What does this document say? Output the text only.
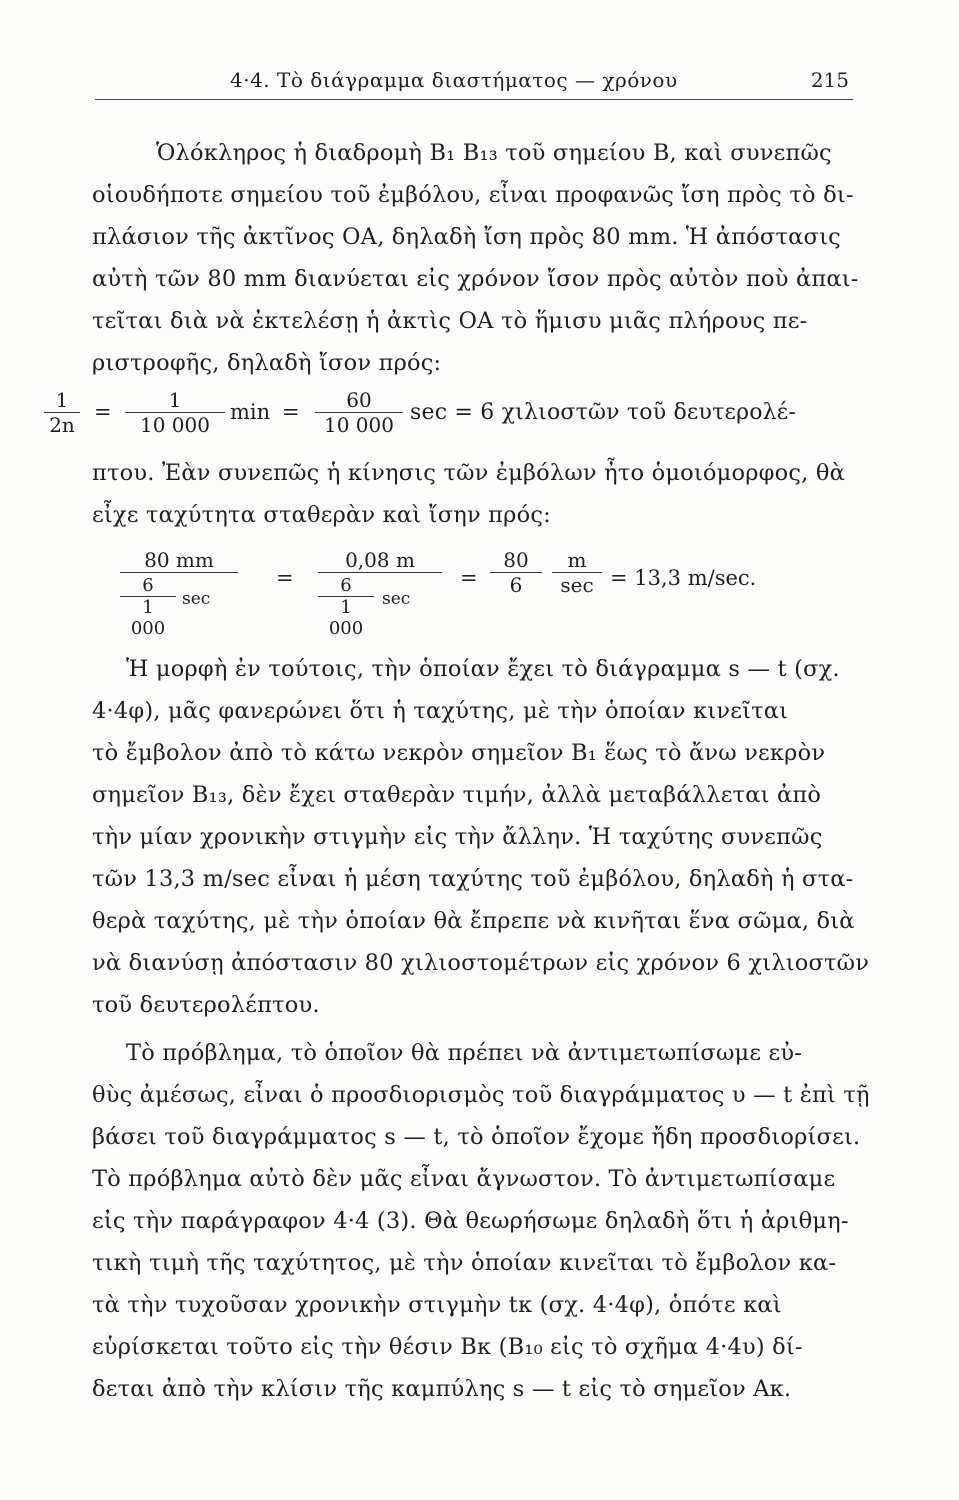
4·4. Τὸ διάγραμμα διαστήματος — χρόνου	215
Ὁλόκληρος ἡ διαδρομὴ B₁ B₁₃ τοῦ σημείου B, καὶ συνεπῶς
οἱουδήποτε σημείου τοῦ ἐμβόλου, εἶναι προφανῶς ἴση πρὸς τὸ δι-
πλάσιον τῆς ἀκτῖνος ΟΑ, δηλαδὴ ἴση πρὸς 80 mm. Ἡ ἀπόστασις
αὐτὴ τῶν 80 mm διανύεται εἰς χρόνον ἴσον πρὸς αὐτὸν ποὺ ἀπαι-
τεῖται διὰ νὰ ἐκτελέσῃ ἡ ἀκτὶς ΟΑ τὸ ἥμισυ μιᾶς πλήρους πε-
ριστροφῆς, δηλαδὴ ἴσον πρός:
1
2n
=	1
10 000
min =	60
10 000 sec = 6 χιλιοστῶν τοῦ δευτερολέ-
πτου. Ἐὰν συνεπῶς ἡ κίνησις τῶν ἐμβόλων ἦτο ὁμοιόμορφος, θὰ
εἶχε ταχύτητα σταθερὰν καὶ ἴσην πρός:
80 mm
6
1 000
sec
=
0,08 m
6
1 000
sec
=
80
6
m
sec = 13,3 m/sec.
Ἡ μορφὴ ἐν τούτοις, τὴν ὁποίαν ἔχει τὸ διάγραμμα s — t (σχ.
4·4φ), μᾶς φανερώνει ὅτι ἡ ταχύτης, μὲ τὴν ὁποίαν κινεῖται
τὸ ἔμβολον ἀπὸ τὸ κάτω νεκρὸν σημεῖον B₁ ἕως τὸ ἄνω νεκρὸν
σημεῖον B₁₃, δὲν ἔχει σταθερὰν τιμήν, ἀλλὰ μεταβάλλεται ἀπὸ
τὴν μίαν χρονικὴν στιγμὴν εἰς τὴν ἄλλην. Ἡ ταχύτης συνεπῶς
τῶν 13,3 m/sec εἶναι ἡ μέση ταχύτης τοῦ ἐμβόλου, δηλαδὴ ἡ στα-
θερὰ ταχύτης, μὲ τὴν ὁποίαν θὰ ἔπρεπε νὰ κινῆται ἕνα σῶμα, διὰ
νὰ διανύσῃ ἀπόστασιν 80 χιλιοστομέτρων εἰς χρόνον 6 χιλιοστῶν
τοῦ δευτερολέπτου.
Τὸ πρόβλημα, τὸ ὁποῖον θὰ πρέπει νὰ ἀντιμετωπίσωμε εὐ-
θὺς ἀμέσως, εἶναι ὁ προσδιορισμὸς τοῦ διαγράμματος υ — t ἐπὶ τῇ
βάσει τοῦ διαγράμματος s — t, τὸ ὁποῖον ἔχομε ἤδη προσδιορίσει.
Τὸ πρόβλημα αὐτὸ δὲν μᾶς εἶναι ἄγνωστον. Τὸ ἀντιμετωπίσαμε
εἰς τὴν παράγραφον 4·4 (3). Θὰ θεωρήσωμε δηλαδὴ ὅτι ἡ ἀριθμη-
τικὴ τιμὴ τῆς ταχύτητος, μὲ τὴν ὁποίαν κινεῖται τὸ ἔμβολον κα-
τὰ τὴν τυχοῦσαν χρονικὴν στιγμὴν tκ (σχ. 4·4φ), ὁπότε καὶ
εὑρίσκεται τοῦτο εἰς τὴν θέσιν Bκ (B₁₀ εἰς τὸ σχῆμα 4·4υ) δί-
δεται ἀπὸ τὴν κλίσιν τῆς καμπύλης s — t εἰς τὸ σημεῖον Aκ.
